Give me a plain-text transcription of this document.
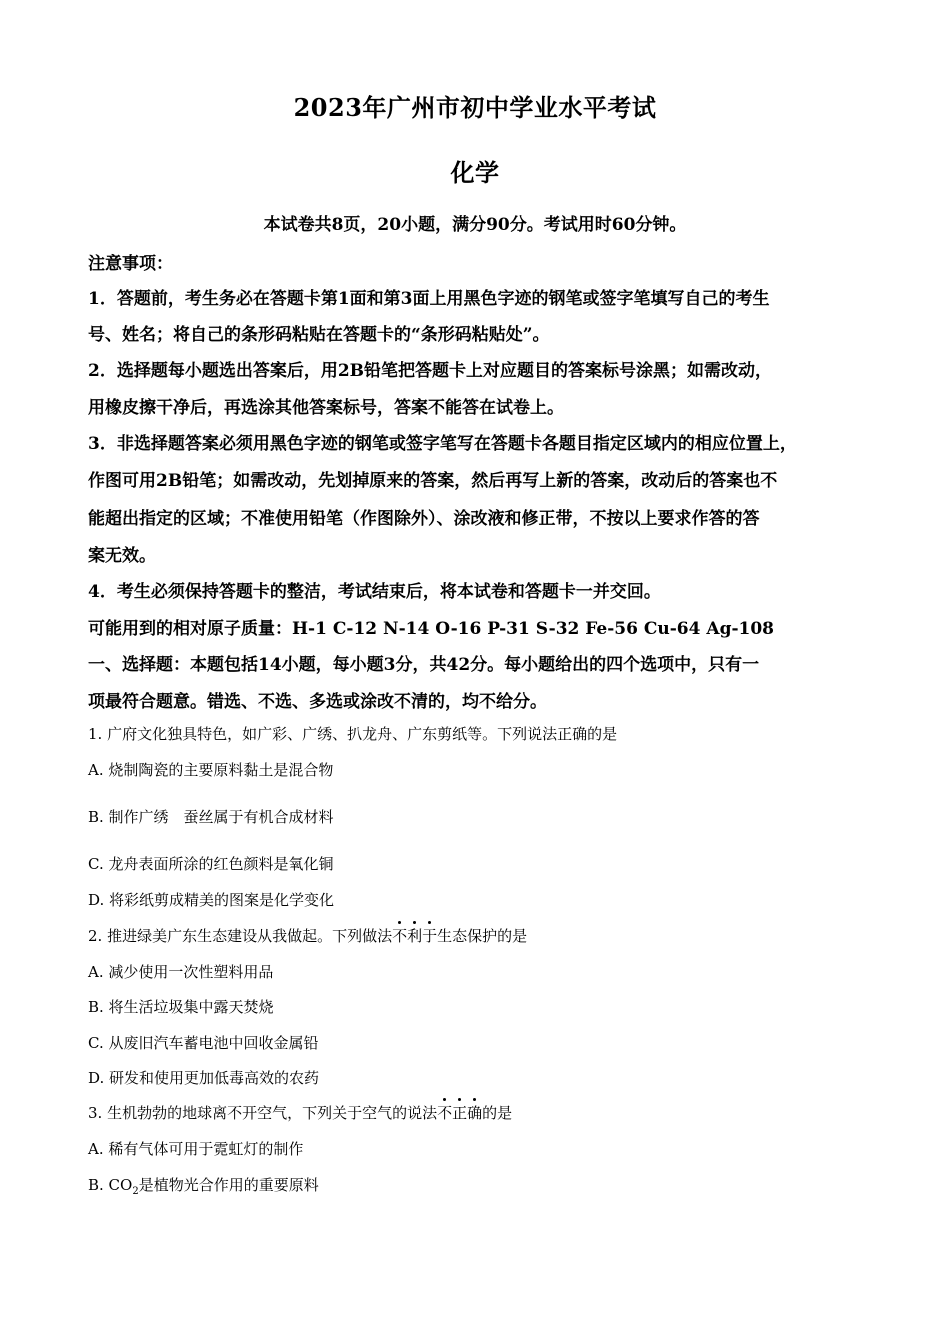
2023年广州市初中学业水平考试
化学
本试卷共8页，20小题，满分90分。考试用时60分钟。
注意事项：
1．答题前，考生务必在答题卡第1面和第3面上用黑色字迹的钢笔或签字笔填写自己的考生
号、姓名；将自己的条形码粘贴在答题卡的“条形码粘贴处”。
2．选择题每小题选出答案后，用2B铅笔把答题卡上对应题目的答案标号涂黑；如需改动，
用橡皮擦干净后，再选涂其他答案标号，答案不能答在试卷上。
3．非选择题答案必须用黑色字迹的钢笔或签字笔写在答题卡各题目指定区域内的相应位置上，
作图可用2B铅笔；如需改动，先划掉原来的答案，然后再写上新的答案，改动后的答案也不
能超出指定的区域；不准使用铅笔（作图除外）、涂改液和修正带，不按以上要求作答的答
案无效。
4．考生必须保持答题卡的整洁，考试结束后，将本试卷和答题卡一并交回。
可能用到的相对原子质量：H-1 C-12 N-14 O-16 P-31 S-32 Fe-56 Cu-64 Ag-108
一、选择题：本题包括14小题，每小题3分，共42分。每小题给出的四个选项中，只有一
项最符合题意。错选、不选、多选或涂改不清的，均不给分。
1. 广府文化独具特色，如广彩、广绣、扒龙舟、广东剪纸等。下列说法正确的是
A. 烧制陶瓷的主要原料黏土是混合物
B. 制作广绣　蚕丝属于有机合成材料
C. 龙舟表面所涂的红色颜料是氧化铜
D. 将彩纸剪成精美的图案是化学变化
2. 推进绿美广东生态建设从我做起。下列做法不利于生态保护的是
A. 减少使用一次性塑料用品
B. 将生活垃圾集中露天焚烧
C. 从废旧汽车蓄电池中回收金属铅
D. 研发和使用更加低毒高效的农药
3. 生机勃勃的地球离不开空气，下列关于空气的说法不正确的是
A. 稀有气体可用于霓虹灯的制作
B. $CO_2$是植物光合作用的重要原料
